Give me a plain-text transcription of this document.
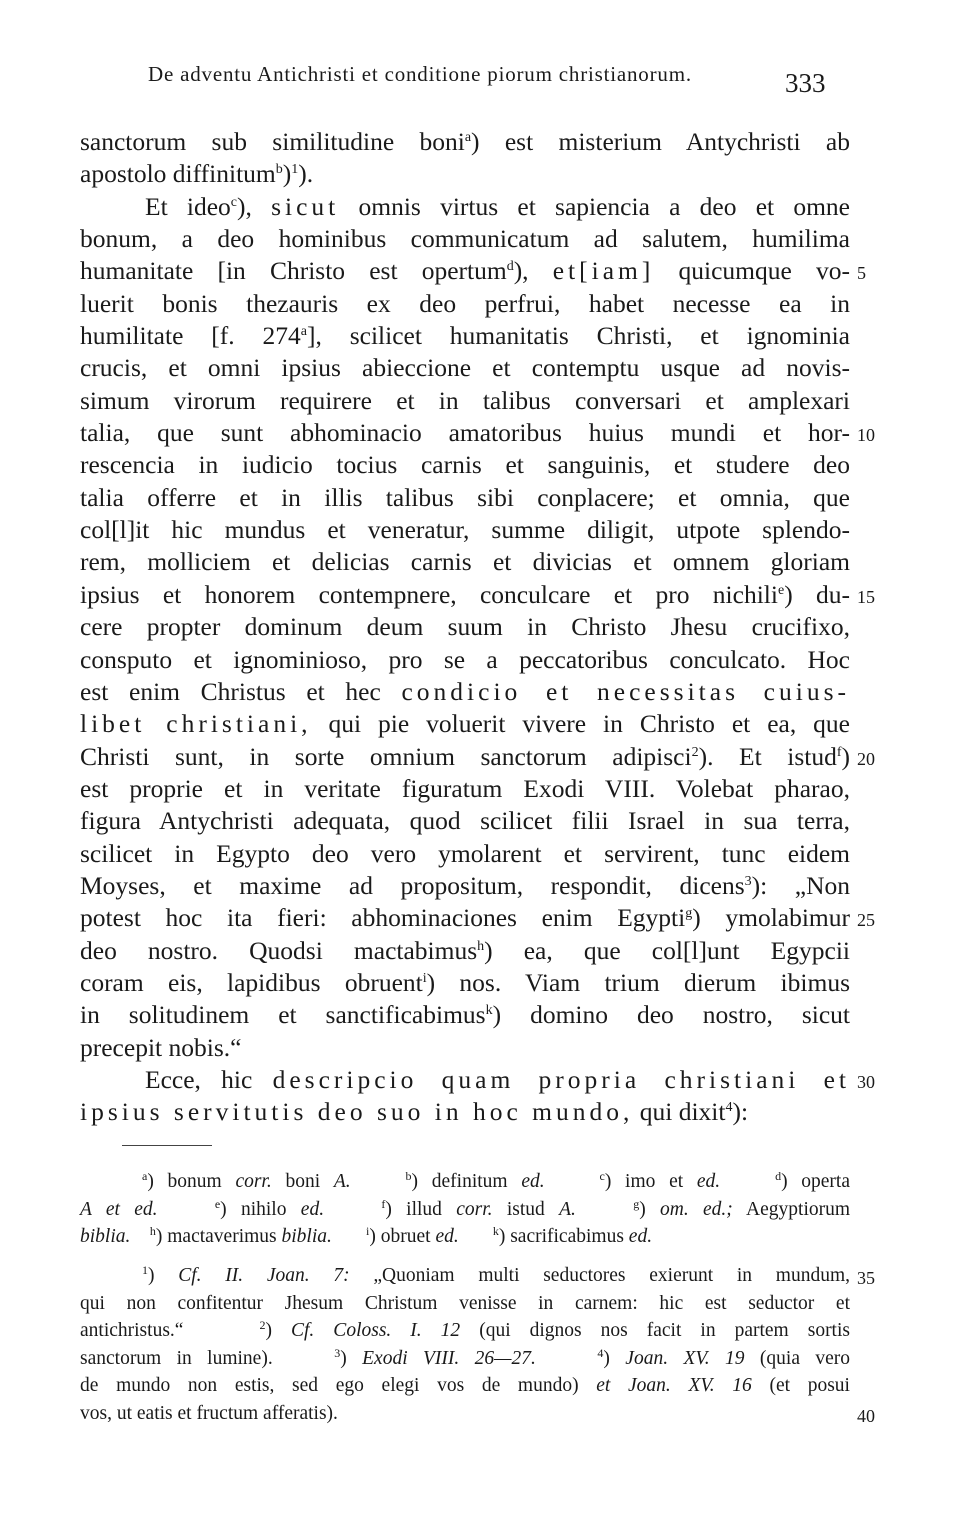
De adventu Antichristi et conditione piorum christianorum.	333
sanctorum sub similitudine boni$^a$) est misterium Antychristi ab
apostolo diffinitum$^b$)$^1$).
Et ideo$^c$), sicut omnis virtus et sapiencia a deo et omne
bonum, a deo hominibus communicatum ad salutem, humilima
humanitate [in Christo est opertum$^d$), et[iam] quicumque vo-
luerit bonis thezauris ex deo perfrui, habet necesse ea in
humilitate [f. 274$^a$], scilicet humanitatis Christi, et ignominia
crucis, et omni ipsius abieccione et contemptu usque ad novis-
simum virorum requirere et in talibus conversari et amplexari
talia, que sunt abhominacio amatoribus huius mundi et hor-
rescencia in iudicio tocius carnis et sanguinis, et studere deo
talia offerre et in illis talibus sibi conplacere; et omnia, que
col[l]it hic mundus et veneratur, summe diligit, utpote splendo-
rem, molliciem et delicias carnis et divicias et omnem gloriam
ipsius et honorem contempnere, conculcare et pro nichili$^e$) du-
cere propter dominum deum suum in Christo Jhesu crucifixo,
consputo et ignominioso, pro se a peccatoribus conculcato. Hoc
est enim Christus et hec condicio et necessitas cuius-
libet christiani, qui pie voluerit vivere in Christo et ea, que
Christi sunt, in sorte omnium sanctorum adipisci$^2$). Et istud$^f$)
est proprie et in veritate figuratum Exodi VIII. Volebat pharao,
figura Antychristi adequata, quod scilicet filii Israel in sua terra,
scilicet in Egypto deo vero ymolarent et servirent, tunc eidem
Moyses, et maxime ad propositum, respondit, dicens$^3$): „Non
potest hoc ita fieri: abhominaciones enim Egypti$^g$) ymolabimur
deo nostro. Quodsi mactabimus$^h$) ea, que col[l]unt Egypcii
coram eis, lapidibus obruent$^i$) nos. Viam trium dierum ibimus
in solitudinem et sanctificabimus$^k$) domino deo nostro, sicut
precepit nobis.“
Ecce, hic descripcio quam propria christiani et
ipsius servitutis deo suo in hoc mundo, qui dixit$^4$):
5
10
15
20
25
30
$^a$) bonum corr. boni A.	$^b$) definitum ed.	$^c$) imo et ed.	$^d$) operta
A et ed.	$^e$) nihilo ed.	$^f$) illud corr. istud A.	$^g$) om. ed.; Aegyptiorum
biblia. $^h$) mactaverimus biblia.	$^i$) obruet ed.	$^k$) sacrificabimus ed.
$^1$) Cf. II. Joan. 7: „Quoniam multi seductores exierunt in mundum,
qui non confitentur Jhesum Christum venisse in carnem: hic est seductor et
antichristus.“    $^2$) Cf. Coloss. I. 12 (qui dignos nos facit in partem sortis
sanctorum in lumine).    $^3$) Exodi VIII. 26—27.	$^4$) Joan. XV. 19 (quia vero
de mundo non estis, sed ego elegi vos de mundo) et Joan. XV. 16 (et posui
vos, ut eatis et fructum afferatis).
35
40
